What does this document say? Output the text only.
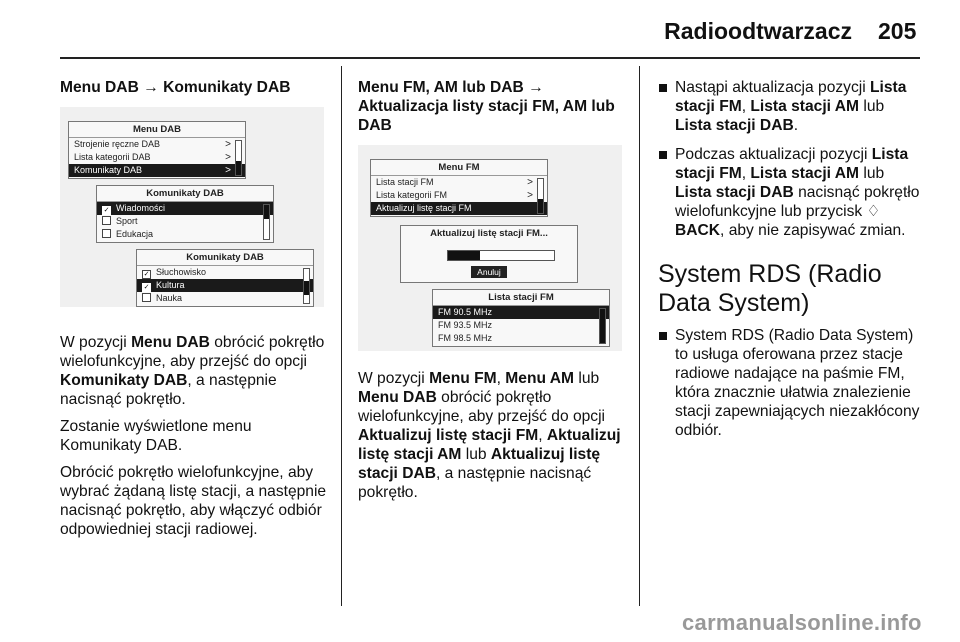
Radioodtwarzacz 205
Menu DAB → Komunikaty DAB
Menu DAB
Strojenie ręczne DAB	>
Lista kategorii DAB	>
Komunikaty DAB	>
Komunikaty DAB
✓ Wiadomości
Sport
Edukacja
Komunikaty DAB
✓ Słuchowisko
✓ Kultura
Nauka

W pozycji Menu DAB obrócić pokrętło wielofunkcyjne, aby przejść do opcji Komunikaty DAB, a następnie nacisnąć pokrętło.

Zostanie wyświetlone menu Komunikaty DAB.

Obrócić pokrętło wielofunkcyjne, aby wybrać żądaną listę stacji, a następnie nacisnąć pokrętło, aby włączyć odbiór odpowiedniej stacji radiowej.

Menu FM, AM lub DAB → Aktualizacja listy stacji FM, AM lub DAB
Menu FM
Lista stacji FM	>
Lista kategorii FM	>
Aktualizuj listę stacji FM
Aktualizuj listę stacji FM...
Anuluj
Lista stacji FM
FM 90.5 MHz
FM 93.5 MHz
FM 98.5 MHz

W pozycji Menu FM, Menu AM lub Menu DAB obrócić pokrętło wielofunkcyjne, aby przejść do opcji Aktualizuj listę stacji FM, Aktualizuj listę stacji AM lub Aktualizuj listę stacji DAB, a następnie nacisnąć pokrętło.

Nastąpi aktualizacja pozycji Lista stacji FM, Lista stacji AM lub Lista stacji DAB.
Podczas aktualizacji pozycji Lista stacji FM, Lista stacji AM lub Lista stacji DAB nacisnąć pokrętło wielofunkcyjne lub przycisk ♢
BACK, aby nie zapisywać zmian.
System RDS (Radio Data System)
System RDS (Radio Data System) to usługa oferowana przez stacje radiowe nadające na paśmie FM, która znacznie ułatwia znalezienie stacji zapewniających niezakłócony odbiór.
carmanualsonline.info
